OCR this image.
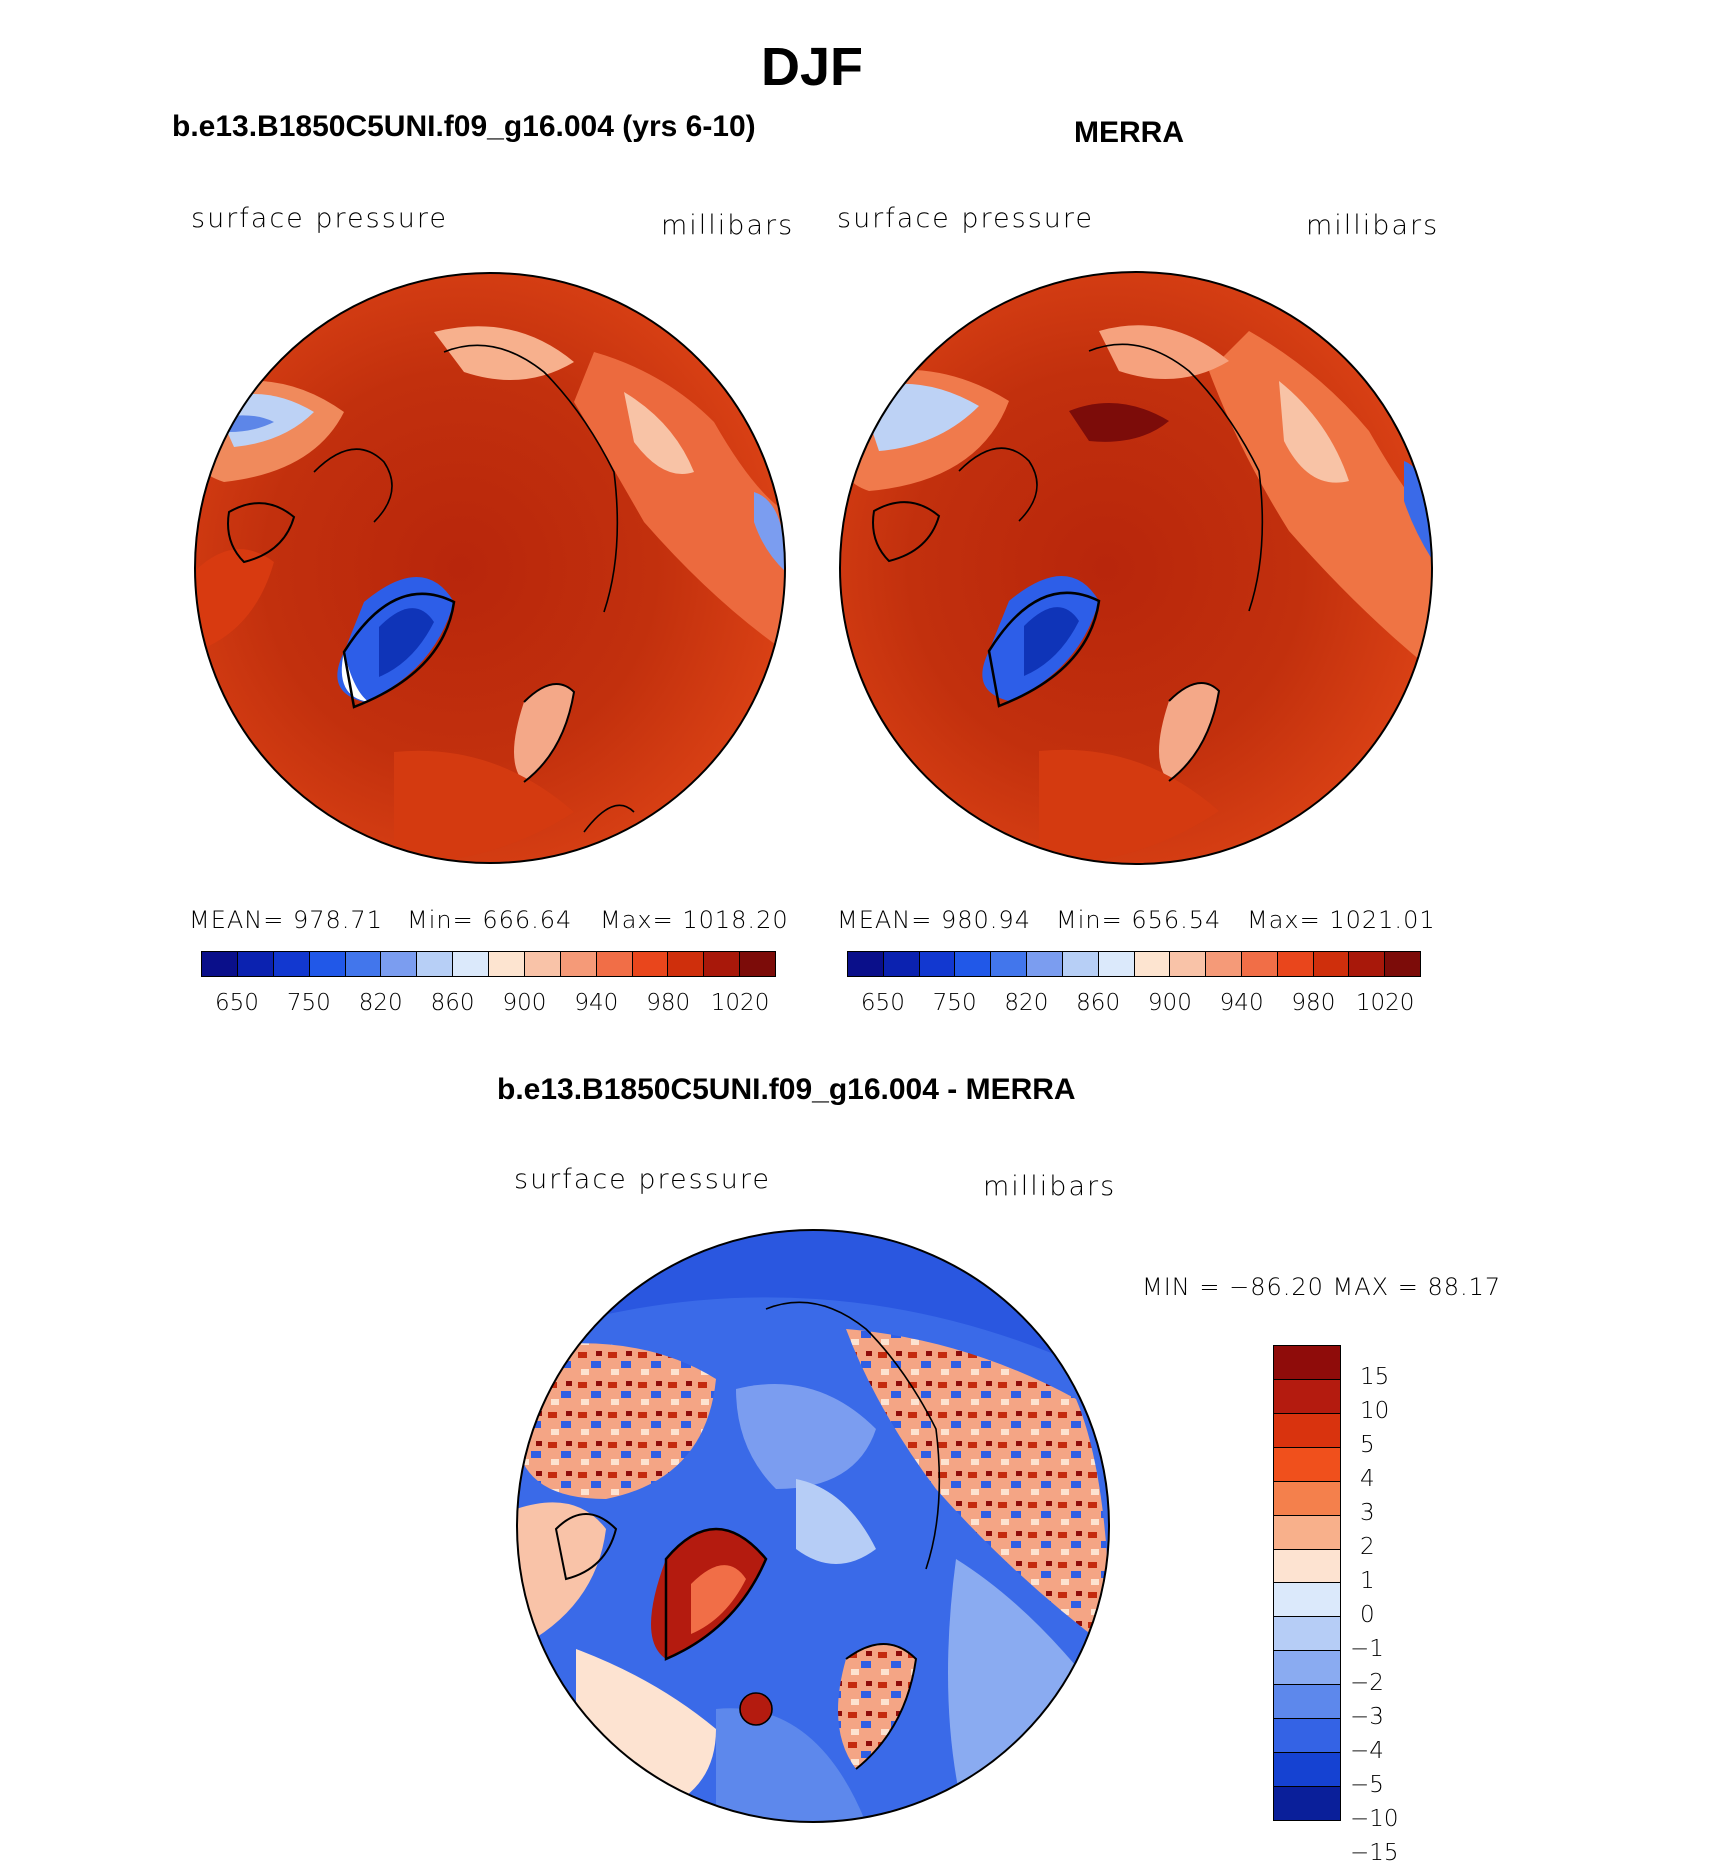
DJF
b.e13.B1850C5UNI.f09_g16.004 (yrs 6-10)
surface pressure	millibars
MEAN= 978.71 Min= 666.64 Max= 1018.20
650 750 820 860 900 940 980 1020
MERRA
surface pressure	millibars
MEAN= 980.94 Min= 656.54 Max= 1021.01
650 750 820 860 900 940 980 1020
b.e13.B1850C5UNI.f09_g16.004 - MERRA
surface pressure	millibars
MIN = −86.20 MAX = 88.17
15
10
5
4
3
2
1
0
−1
−2
−3
−4
−5
−10
−15
